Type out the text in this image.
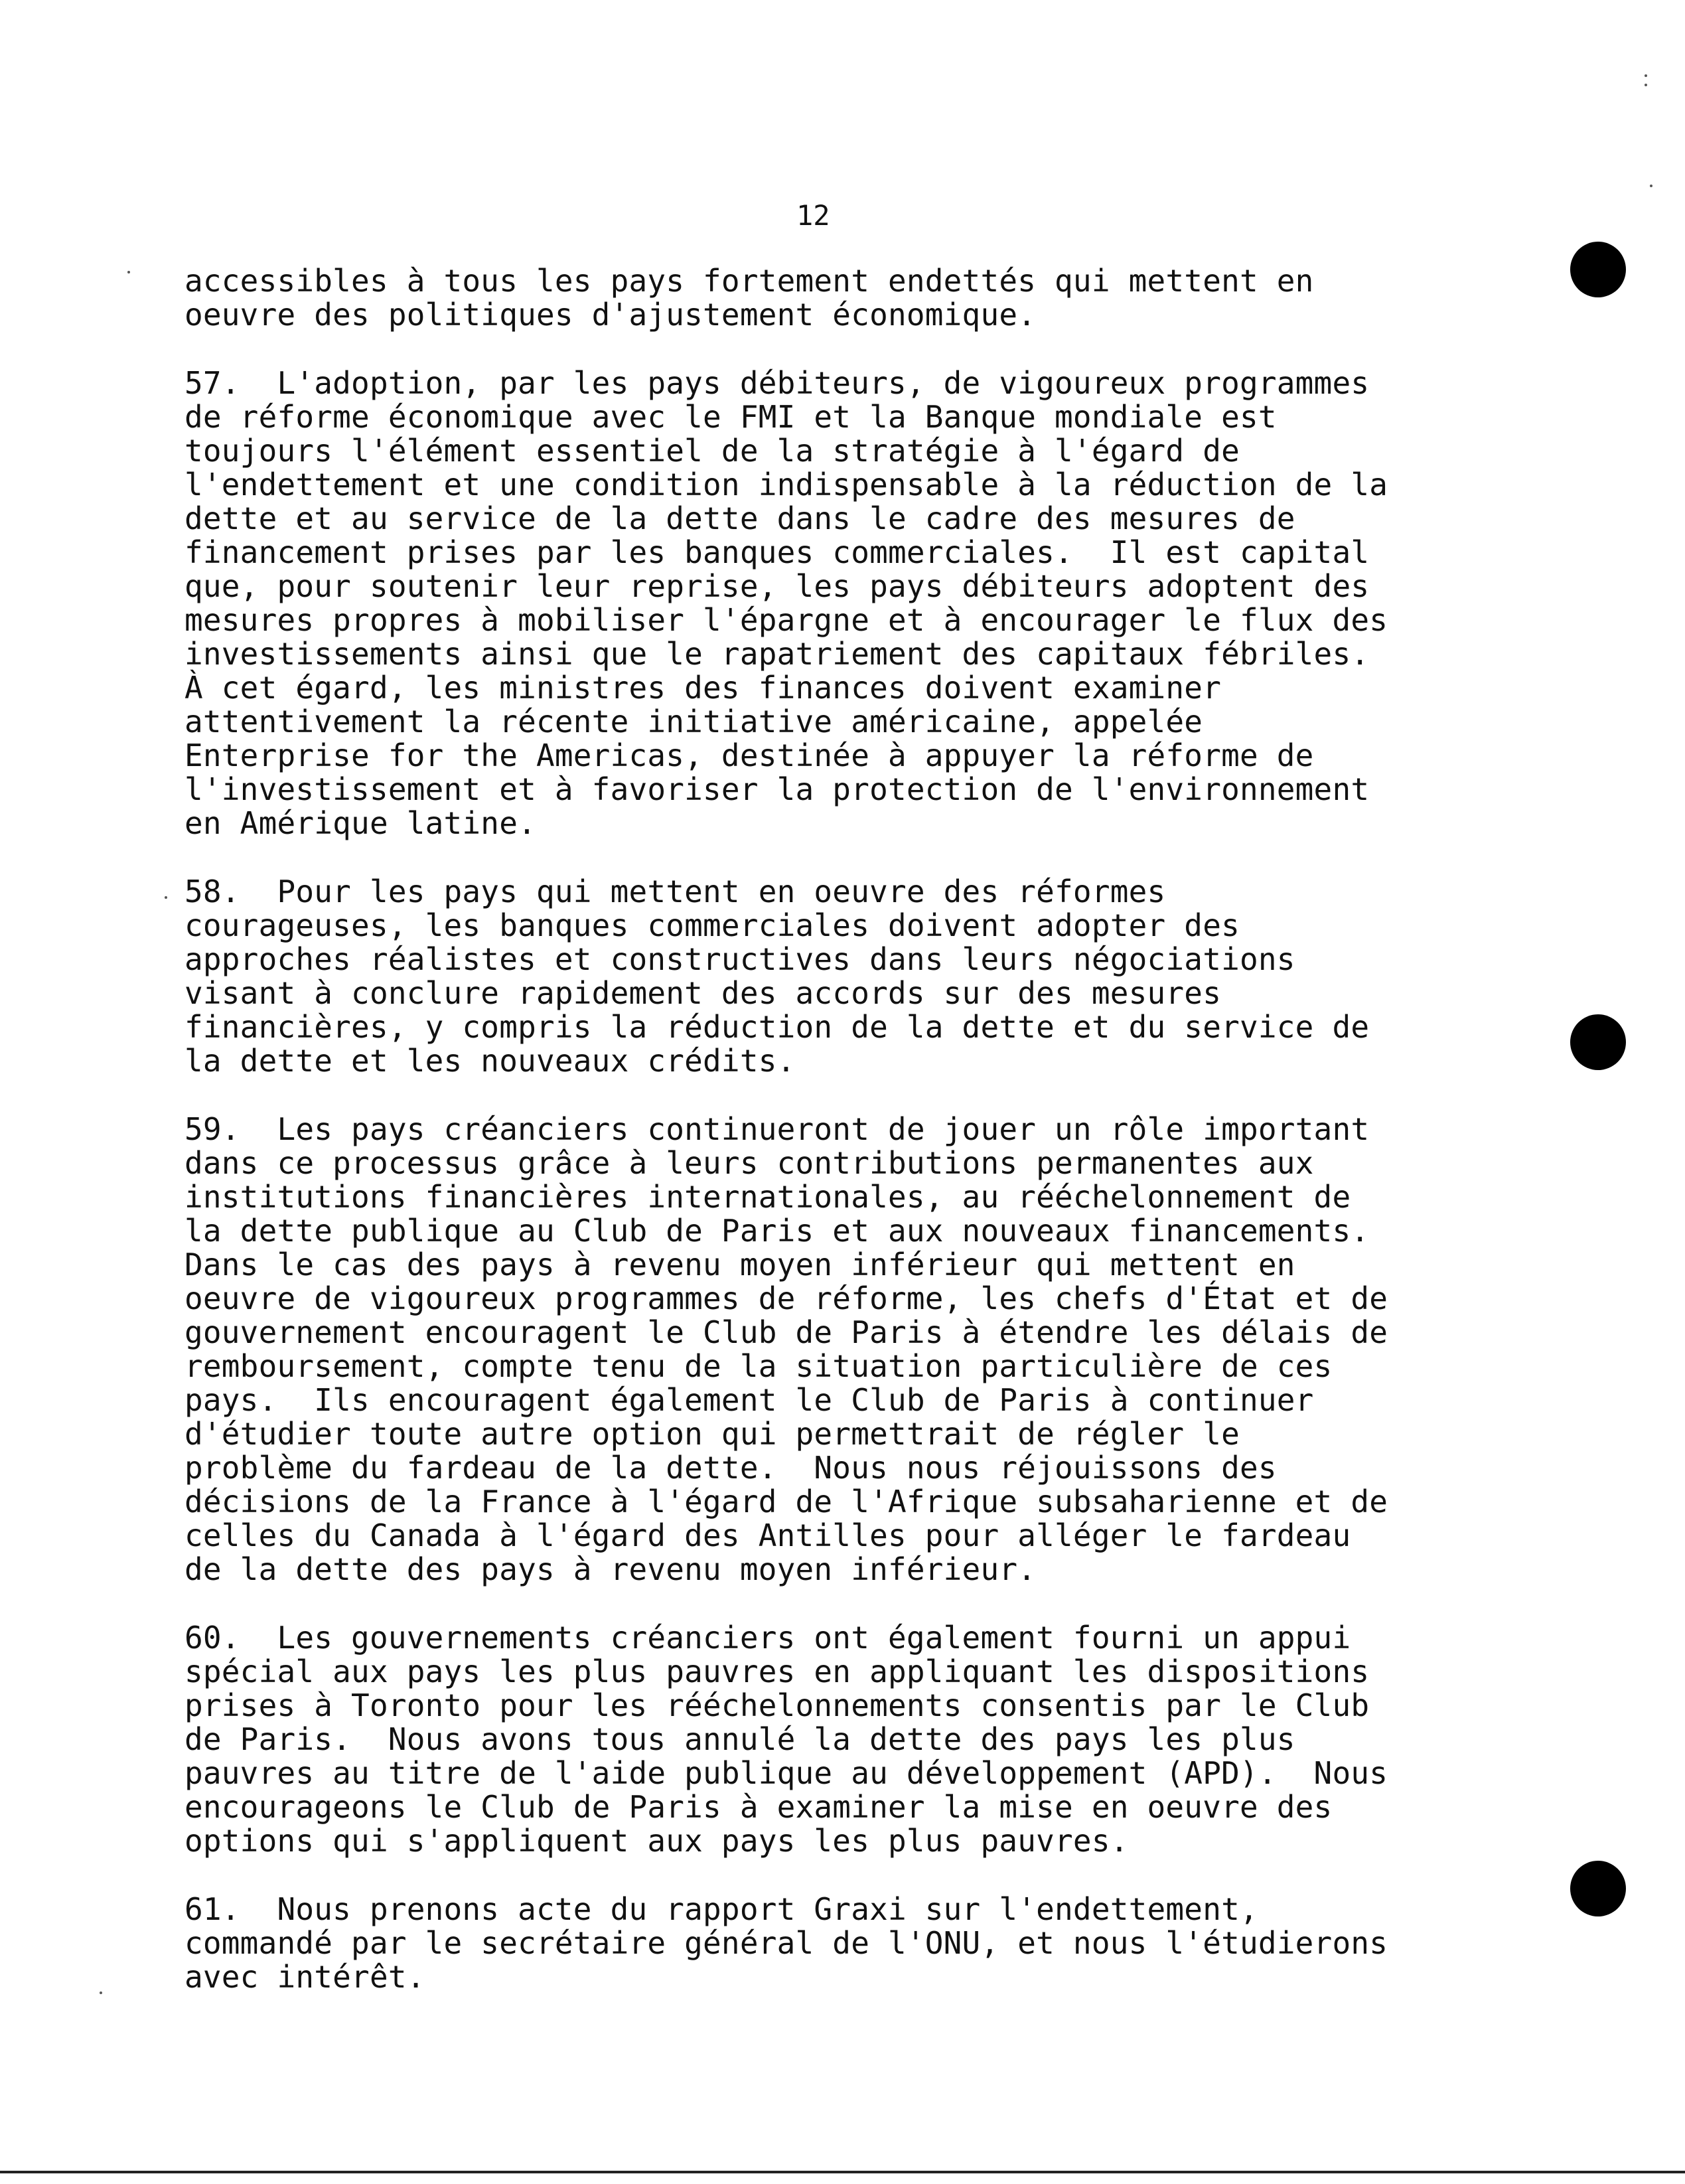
12

accessibles à tous les pays fortement endettés qui mettent en
oeuvre des politiques d'ajustement économique.
57.  L'adoption, par les pays débiteurs, de vigoureux programmes
de réforme économique avec le FMI et la Banque mondiale est
toujours l'élément essentiel de la stratégie à l'égard de
l'endettement et une condition indispensable à la réduction de la
dette et au service de la dette dans le cadre des mesures de
financement prises par les banques commerciales.  Il est capital
que, pour soutenir leur reprise, les pays débiteurs adoptent des
mesures propres à mobiliser l'épargne et à encourager le flux des
investissements ainsi que le rapatriement des capitaux fébriles.
À cet égard, les ministres des finances doivent examiner
attentivement la récente initiative américaine, appelée
Enterprise for the Americas, destinée à appuyer la réforme de
l'investissement et à favoriser la protection de l'environnement
en Amérique latine.
58.  Pour les pays qui mettent en oeuvre des réformes
courageuses, les banques commerciales doivent adopter des
approches réalistes et constructives dans leurs négociations
visant à conclure rapidement des accords sur des mesures
financières, y compris la réduction de la dette et du service de
la dette et les nouveaux crédits.
59.  Les pays créanciers continueront de jouer un rôle important
dans ce processus grâce à leurs contributions permanentes aux
institutions financières internationales, au rééchelonnement de
la dette publique au Club de Paris et aux nouveaux financements.
Dans le cas des pays à revenu moyen inférieur qui mettent en
oeuvre de vigoureux programmes de réforme, les chefs d'État et de
gouvernement encouragent le Club de Paris à étendre les délais de
remboursement, compte tenu de la situation particulière de ces
pays.  Ils encouragent également le Club de Paris à continuer
d'étudier toute autre option qui permettrait de régler le
problème du fardeau de la dette.  Nous nous réjouissons des
décisions de la France à l'égard de l'Afrique subsaharienne et de
celles du Canada à l'égard des Antilles pour alléger le fardeau
de la dette des pays à revenu moyen inférieur.
60.  Les gouvernements créanciers ont également fourni un appui
spécial aux pays les plus pauvres en appliquant les dispositions
prises à Toronto pour les rééchelonnements consentis par le Club
de Paris.  Nous avons tous annulé la dette des pays les plus
pauvres au titre de l'aide publique au développement (APD).  Nous
encourageons le Club de Paris à examiner la mise en oeuvre des
options qui s'appliquent aux pays les plus pauvres.
61.  Nous prenons acte du rapport Graxi sur l'endettement,
commandé par le secrétaire général de l'ONU, et nous l'étudierons
avec intérêt.
